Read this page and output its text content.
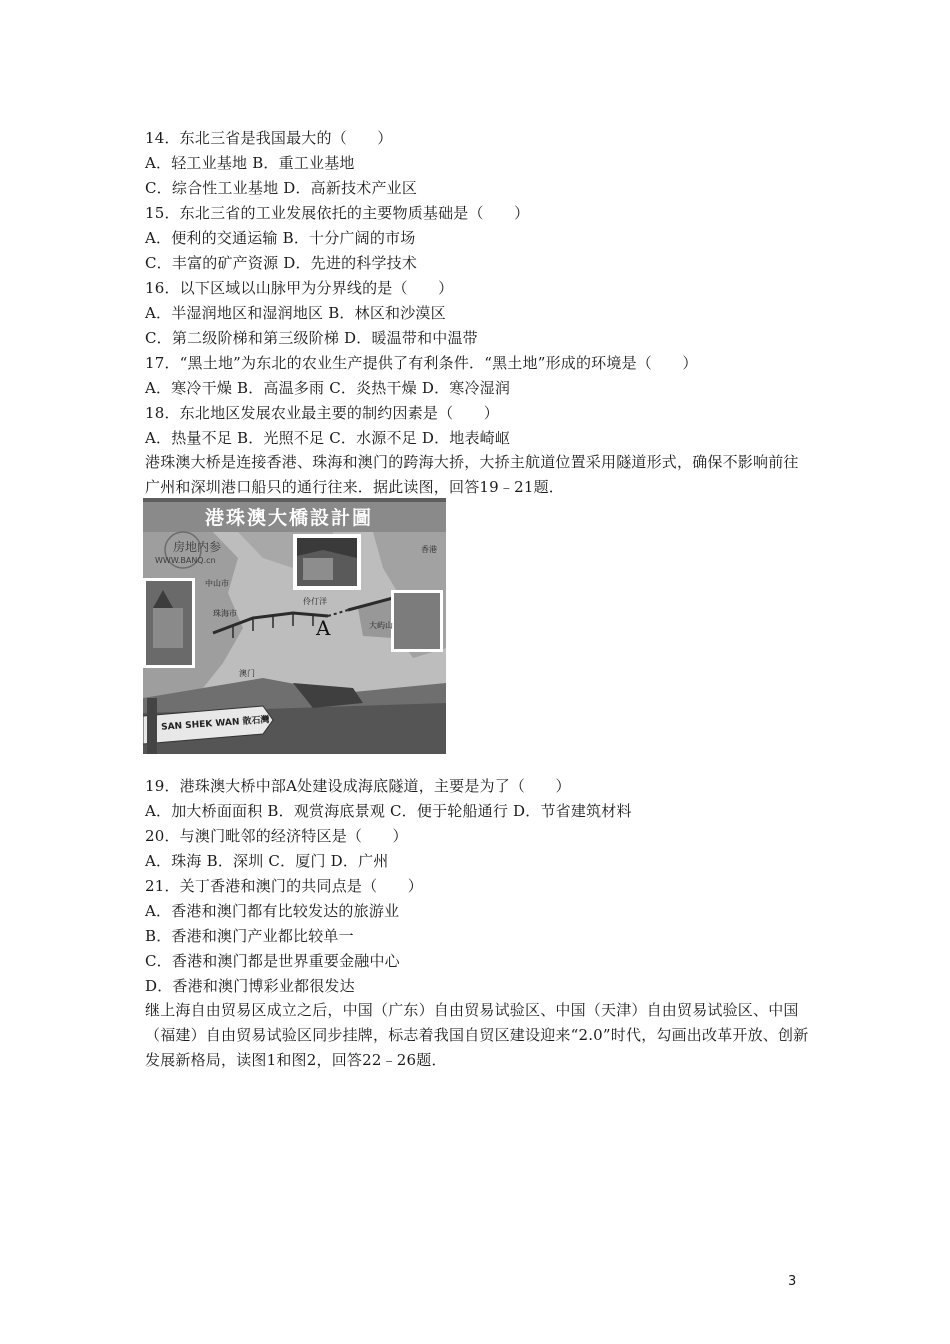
14．东北三省是我国最大的（　　）
A．轻工业基地 B．重工业基地
C．综合性工业基地 D．高新技术产业区
15．东北三省的工业发展依托的主要物质基础是（　　）
A．便利的交通运输 B．十分广阔的市场
C．丰富的矿产资源 D．先进的科学技术
16．以下区域以山脉甲为分界线的是（　　）
A．半湿润地区和湿润地区 B．林区和沙漠区
C．第二级阶梯和第三级阶梯 D．暖温带和中温带
17．“黑土地”为东北的农业生产提供了有利条件．“黑土地”形成的环境是（　　）
A．寒冷干燥 B．高温多雨 C．炎热干燥 D．寒冷湿润
18．东北地区发展农业最主要的制约因素是（　　）
A．热量不足 B．光照不足 C．水源不足 D．地表崎岖
港珠澳大桥是连接香港、珠海和澳门的跨海大挢，大挢主航道位置采用隧道形式，确保不影响前往广州和深圳港口船只的通行往来．据此读图，回答19﹣21题．
港珠澳大橋設計圖
房地内参
WWW.BANQ.cn
中山市
珠海市
伶仃洋
香港
大屿山
澳门
A
SAN SHEK WAN 散石灣
19．港珠澳大桥中部A处建设成海底隧道，主要是为了（　　）
A．加大桥面面积 B．观赏海底景观 C．便于轮船通行 D．节省建筑材料
20．与澳门毗邻的经济特区是（　　）
A．珠海 B．深圳 C．厦门 D．广州
21．关丁香港和澳门的共同点是（　　）
A．香港和澳门都有比较发达的旅游业
B．香港和澳门产业都比较单一
C．香港和澳门都是世界重要金融中心
D．香港和澳门博彩业都很发达
继上海自由贸易区成立之后，中国（广东）自由贸易试验区、中国（天津）自由贸易试验区、中国（福建）自由贸易试验区同步挂牌，标志着我国自贸区建设迎来“2.0”时代，勾画出改革开放、创新发展新格局，读图1和图2，回答22﹣26题．
3
